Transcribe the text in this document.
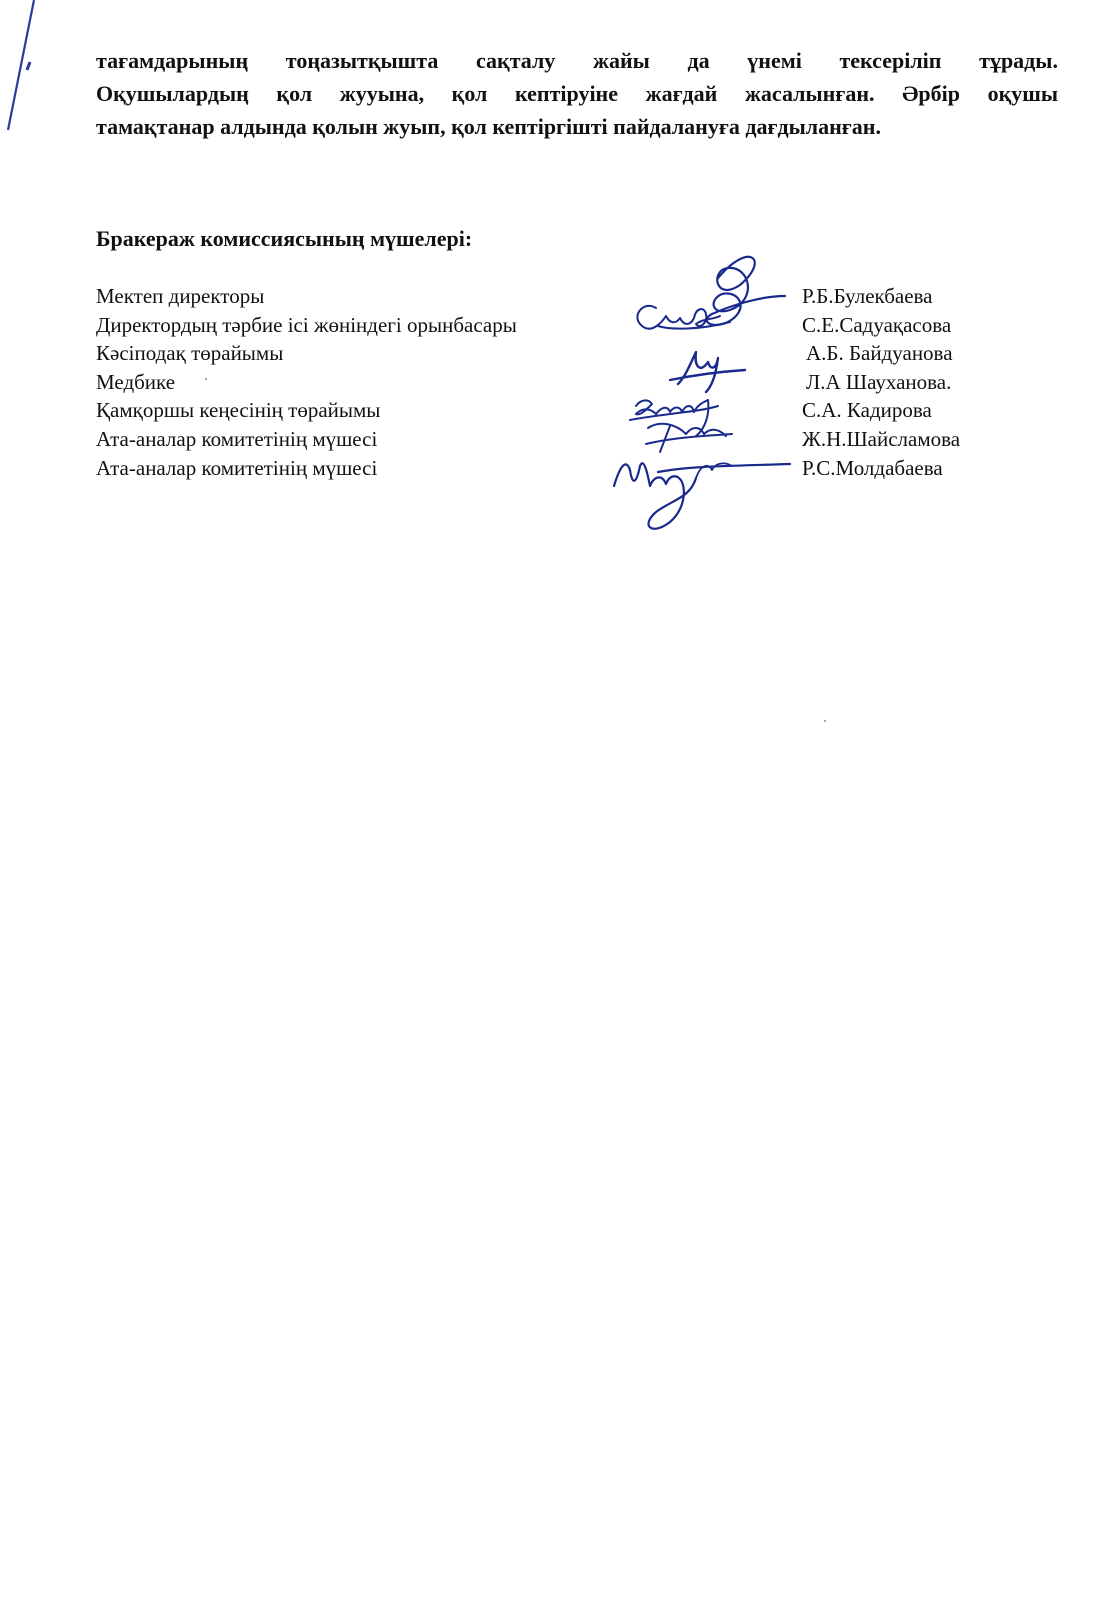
тағамдарының тоңазытқышта сақталу жайы да үнемі тексеріліп тұрады.
Оқушылардың қол жууына, қол кептіруіне жағдай жасалынған. Әрбір оқушы
тамақтанар алдында қолын жуып, қол кептіргішті пайдалануға дағдыланған.

Бракераж комиссиясының мүшелері:
Мектеп директоры	Р.Б.Булекбаева
Директордың тәрбие ісі жөніндегі орынбасары	С.Е.Садуақасова
Кәсіподақ төрайымы	А.Б. Байдуанова
Медбике	Л.А Шауханова.
Қамқоршы кеңесінің төрайымы	С.А. Кадирова
Ата-аналар комитетінің мүшесі	Ж.Н.Шайсламова
Ата-аналар комитетінің мүшесі	Р.С.Молдабаева
